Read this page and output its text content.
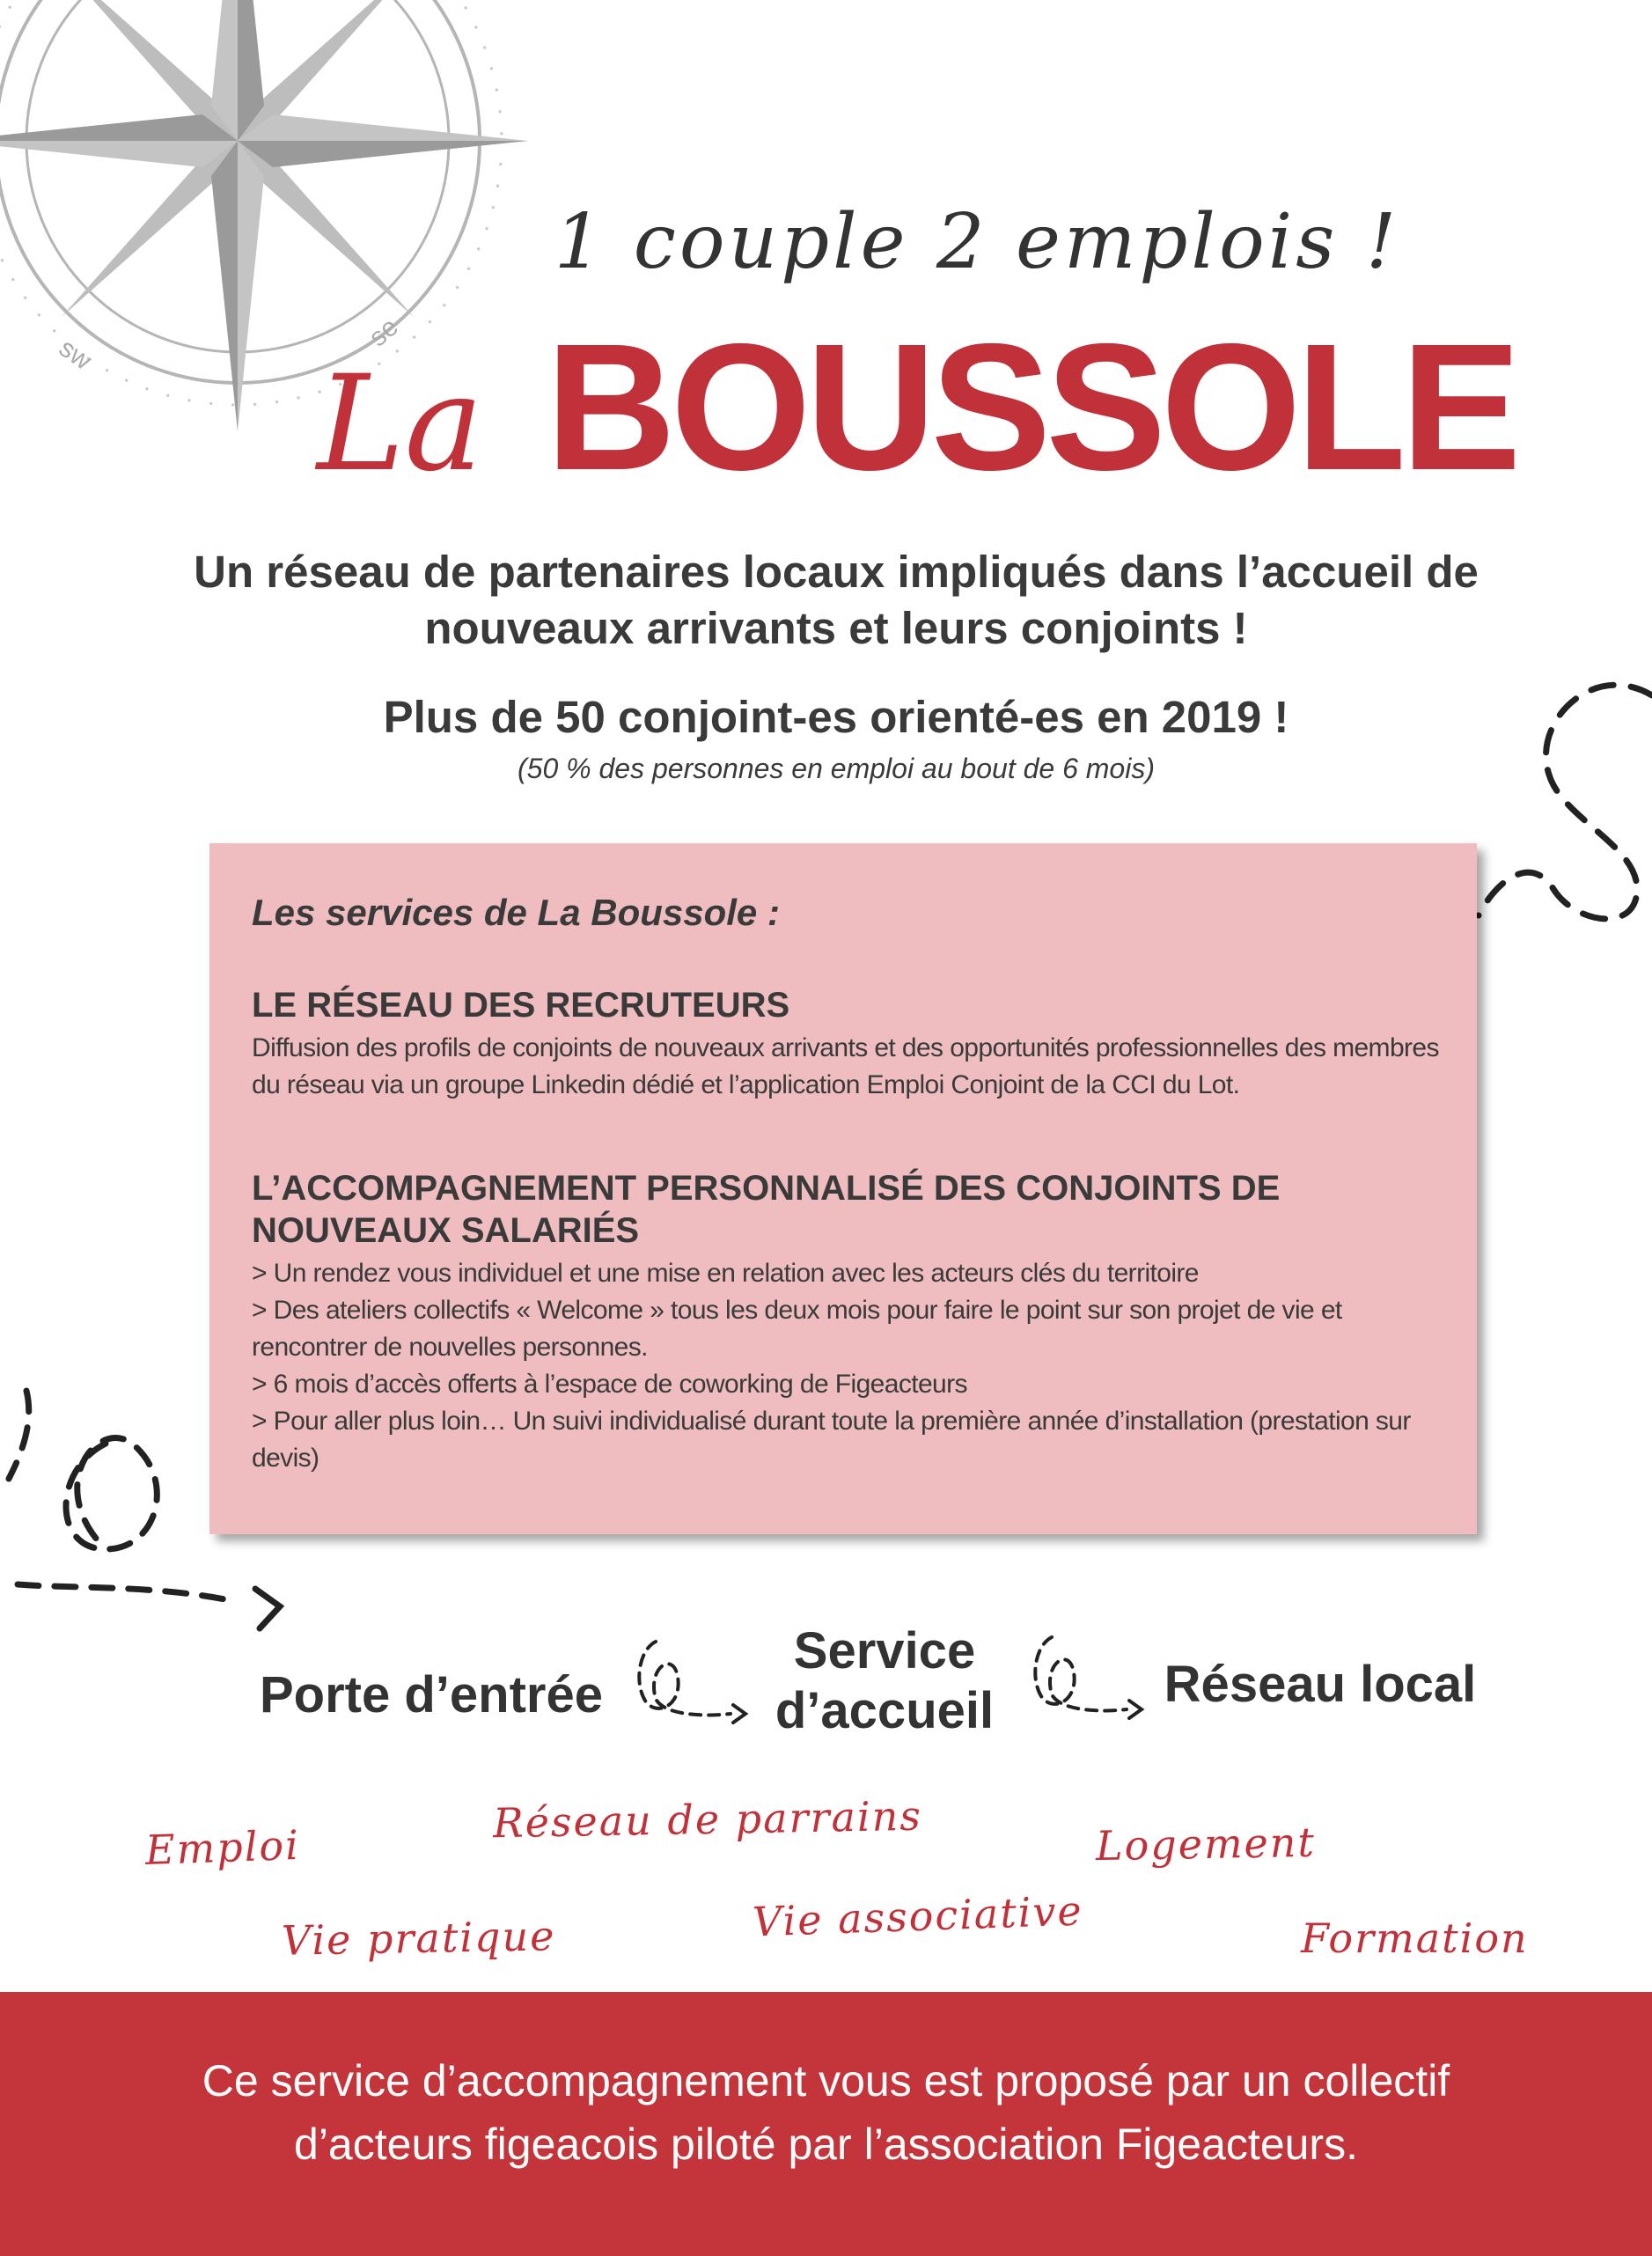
sw
se
1 couple 2 emplois !
La BOUSSOLE
Un réseau de partenaires locaux impliqués dans l’accueil de
nouveaux arrivants et leurs conjoints !
Plus de 50 conjoint-es orienté-es en 2019 !
(50 % des personnes en emploi au bout de 6 mois)
Les services de La Boussole :
LE RÉSEAU DES RECRUTEURS
Diffusion des profils de conjoints de nouveaux arrivants et des opportunités professionnelles des membres du réseau via un groupe Linkedin dédié et l’application Emploi Conjoint de la CCI du Lot.
L’ACCOMPAGNEMENT PERSONNALISÉ DES CONJOINTS DE
NOUVEAUX SALARIÉS
> Un rendez vous individuel et une mise en relation avec les acteurs clés du territoire
> Des ateliers collectifs « Welcome » tous les deux mois pour faire le point sur son projet de vie et rencontrer de nouvelles personnes.
> 6 mois d’accès offerts à l’espace de coworking de Figeacteurs
> Pour aller plus loin… Un suivi individualisé durant toute la première année d’installation (prestation sur devis)
Porte d’entrée
Service
d’accueil	Réseau local
Emploi
Réseau de parrains	Logement
Vie pratique	Vie associative	Formation
Ce service d’accompagnement vous est proposé par un collectif
d’acteurs figeacois piloté par l’association Figeacteurs.
